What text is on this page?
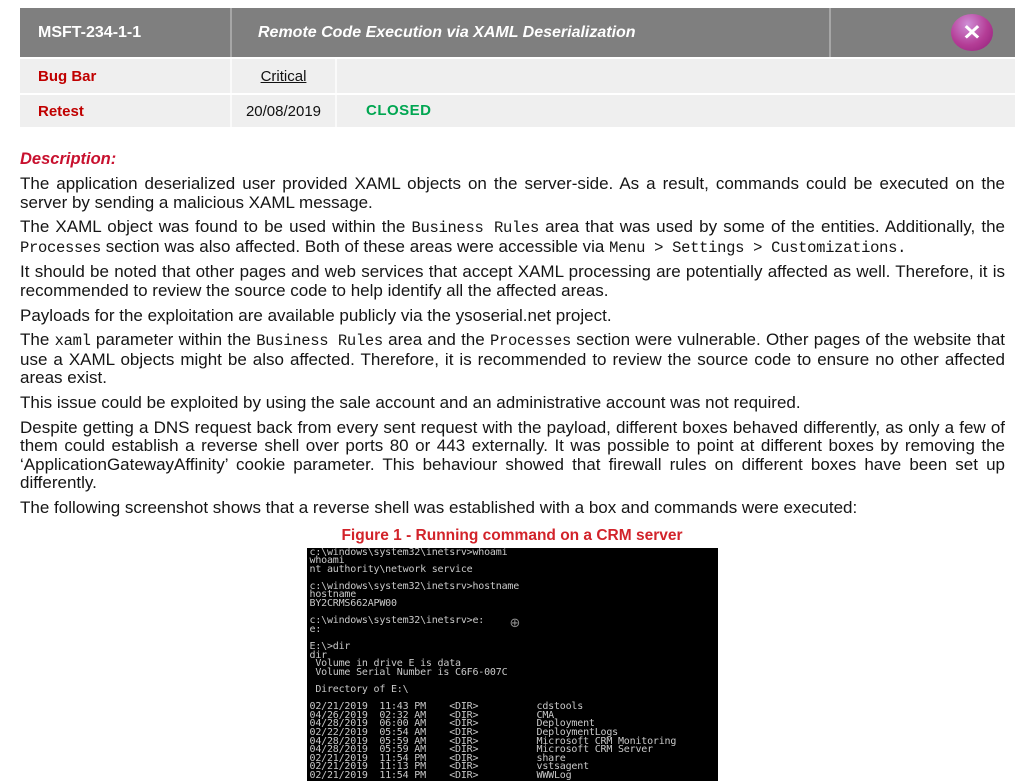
MSFT-234-1-1	Remote Code Execution via XAML Deserialization	✕
Bug Bar	Critical
Retest	20/08/2019	CLOSED
Description:

The application deserialized user provided XAML objects on the server-side. As a result, commands could be executed on the server by sending a malicious XAML message.

The XAML object was found to be used within the Business Rules area that was used by some of the entities. Additionally, the Processes section was also affected. Both of these areas were accessible via Menu > Settings > Customizations.

It should be noted that other pages and web services that accept XAML processing are potentially affected as well. Therefore, it is recommended to review the source code to help identify all the affected areas.

Payloads for the exploitation are available publicly via the ysoserial.net project.

The xaml parameter within the Business Rules area and the Processes section were vulnerable. Other pages of the website that use a XAML objects might be also affected. Therefore, it is recommended to review the source code to ensure no other affected areas exist.

This issue could be exploited by using the sale account and an administrative account was not required.

Despite getting a DNS request back from every sent request with the payload, different boxes behaved differently, as only a few of them could establish a reverse shell over ports 80 or 443 externally. It was possible to point at different boxes by removing the ‘ApplicationGatewayAffinity’ cookie parameter. This behaviour showed that firewall rules on different boxes have been set up differently.

The following screenshot shows that a reverse shell was established with a box and commands were executed:

Figure 1 - Running command on a CRM server
c:\windows\system32\inetsrv>whoami
whoami
nt authority\network service
c:\windows\system32\inetsrv>hostname
hostname
BY2CRMS662APW00
c:\windows\system32\inetsrv>e:
e:
E:\>dir
dir
Volume in drive E is data
Volume Serial Number is C6F6-007C
Directory of E:\
02/21/2019  11:43 PM    <DIR>          cdstools
04/26/2019  02:32 AM    <DIR>          CMA
04/28/2019  06:00 AM    <DIR>          Deployment
02/22/2019  05:54 AM    <DIR>          DeploymentLogs
04/28/2019  05:59 AM    <DIR>          Microsoft CRM Monitoring
04/28/2019  05:59 AM    <DIR>          Microsoft CRM Server
02/21/2019  11:54 PM    <DIR>          share
02/21/2019  11:13 PM    <DIR>          vstsagent
02/21/2019  11:54 PM    <DIR>          WWWLog
⊕
